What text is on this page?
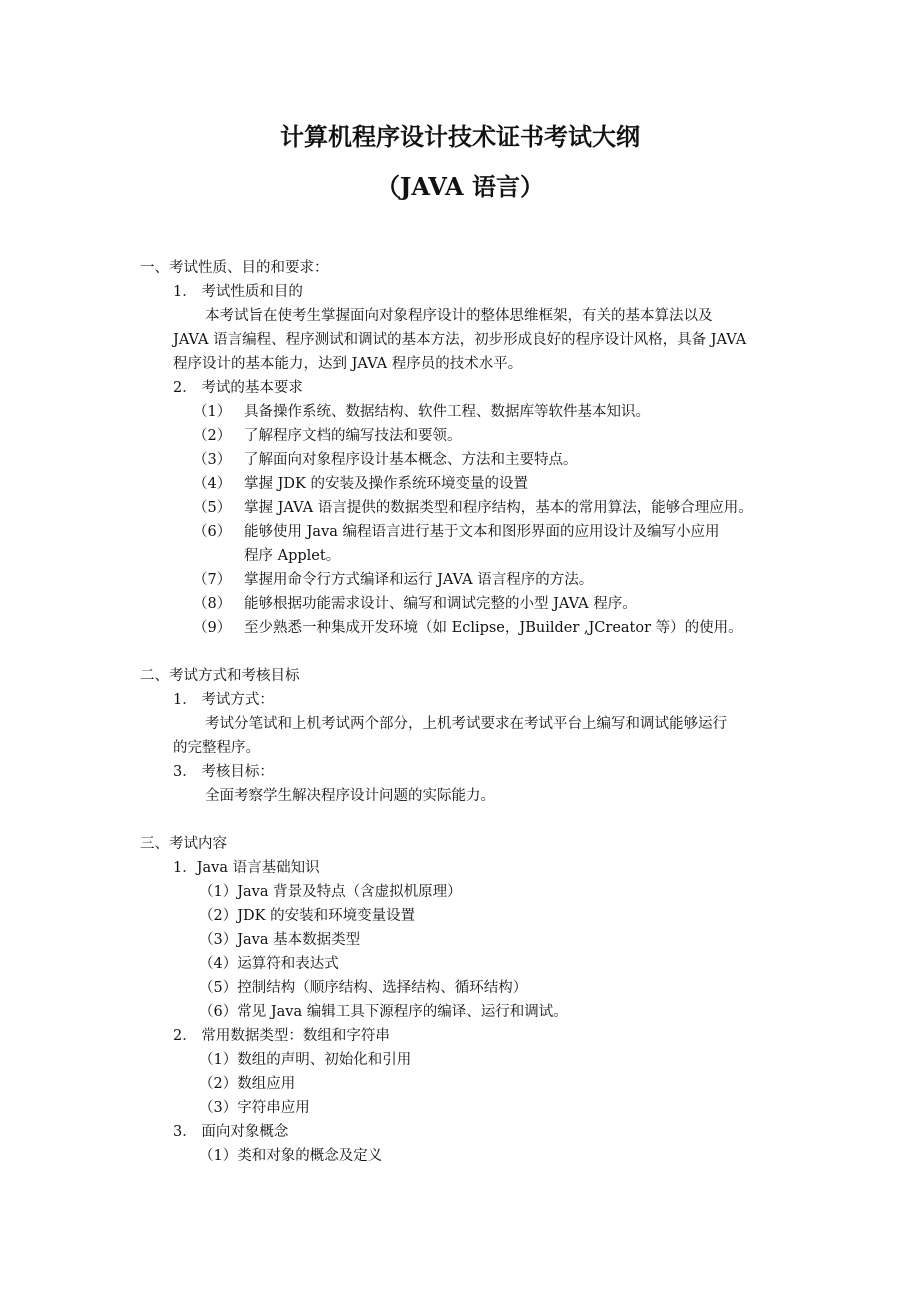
计算机程序设计技术证书考试大纲
（JAVA 语言）
一、考试性质、目的和要求：
1． 考试性质和目的
本考试旨在使考生掌握面向对象程序设计的整体思维框架，有关的基本算法以及
JAVA 语言编程、程序测试和调试的基本方法，初步形成良好的程序设计风格，具备 JAVA
程序设计的基本能力，达到 JAVA 程序员的技术水平。
2． 考试的基本要求
（1） 具备操作系统、数据结构、软件工程、数据库等软件基本知识。
（2） 了解程序文档的编写技法和要领。
（3） 了解面向对象程序设计基本概念、方法和主要特点。
（4） 掌握 JDK 的安装及操作系统环境变量的设置
（5） 掌握 JAVA 语言提供的数据类型和程序结构，基本的常用算法，能够合理应用。
（6） 能够使用 Java 编程语言进行基于文本和图形界面的应用设计及编写小应用
程序 Applet。
（7） 掌握用命令行方式编译和运行 JAVA 语言程序的方法。
（8） 能够根据功能需求设计、编写和调试完整的小型 JAVA 程序。
（9） 至少熟悉一种集成开发环境（如 Eclipse，JBuilder ,JCreator 等）的使用。
二、考试方式和考核目标
1． 考试方式：
考试分笔试和上机考试两个部分，上机考试要求在考试平台上编写和调试能够运行
的完整程序。
3． 考核目标：
全面考察学生解决程序设计问题的实际能力。
三、考试内容
1．Java 语言基础知识
（1）Java 背景及特点（含虚拟机原理）
（2）JDK 的安装和环境变量设置
（3）Java 基本数据类型
（4）运算符和表达式
（5）控制结构（顺序结构、选择结构、循环结构）
（6）常见 Java 编辑工具下源程序的编译、运行和调试。
2． 常用数据类型：数组和字符串
（1）数组的声明、初始化和引用
（2）数组应用
（3）字符串应用
3． 面向对象概念
（1）类和对象的概念及定义
